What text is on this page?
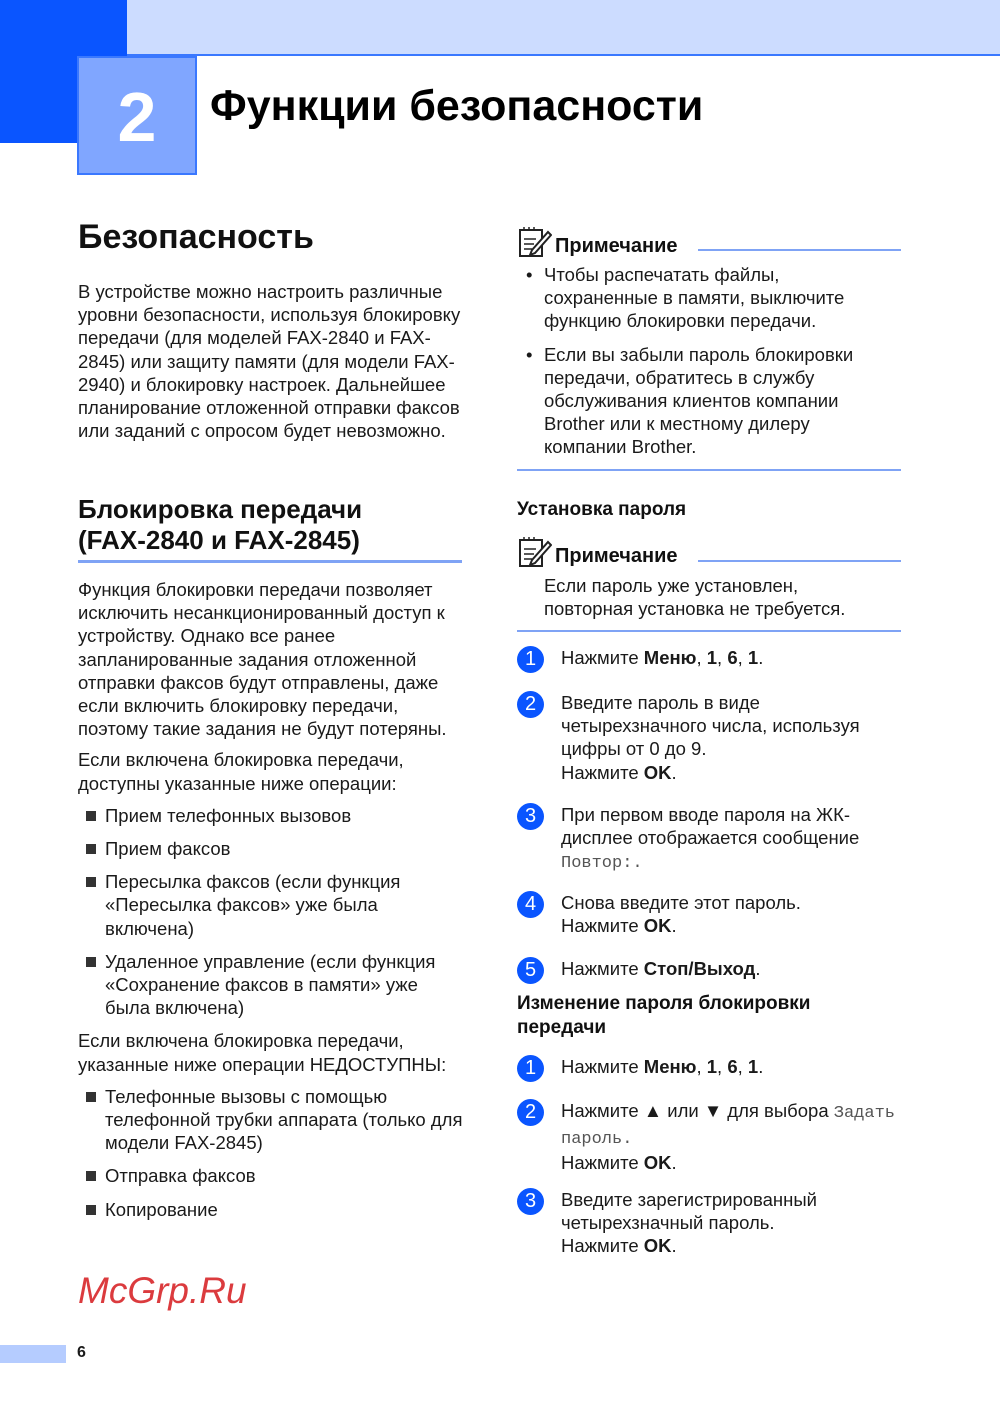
2	Функции безопасности
Безопасность
В устройстве можно настроить различные уровни безопасности, используя блокировку передачи (для моделей FAX-2840 и FAX-2845) или защиту памяти (для модели FAX-2940) и блокировку настроек. Дальнейшее планирование отложенной отправки факсов или заданий с опросом будет невозможно.
Блокировка передачи (FAX-2840 и FAX-2845)
Функция блокировки передачи позволяет исключить несанкционированный доступ к устройству. Однако все ранее запланированные задания отложенной отправки факсов будут отправлены, даже если включить блокировку передачи, поэтому такие задания не будут потеряны.
Если включена блокировка передачи, доступны указанные ниже операции:
Прием телефонных вызовов
Прием факсов
Пересылка факсов (если функция «Пересылка факсов» уже была включена)
Удаленное управление (если функция «Сохранение факсов в памяти» уже была включена)
Если включена блокировка передачи, указанные ниже операции НЕДОСТУПНЫ:
Телефонные вызовы с помощью телефонной трубки аппарата (только для модели FAX-2845)
Отправка факсов
Копирование
Примечание
• Чтобы распечатать файлы, сохраненные в памяти, выключите функцию блокировки передачи.
• Если вы забыли пароль блокировки передачи, обратитесь в службу обслуживания клиентов компании Brother или к местному дилеру компании Brother.
Установка пароля
Примечание
Если пароль уже установлен, повторная установка не требуется.
1	Нажмите Меню, 1, 6, 1.
2	Введите пароль в виде четырехзначного числа, используя цифры от 0 до 9.
Нажмите OK.
3	При первом вводе пароля на ЖК-дисплее отображается сообщение Повтор:.
4	Снова введите этот пароль.
Нажмите OK.
5	Нажмите Стоп/Выход.
Изменение пароля блокировки передачи
1	Нажмите Меню, 1, 6, 1.
2	Нажмите ▲ или ▼ для выбора Задать пароль.
Нажмите OK.
3	Введите зарегистрированный четырехзначный пароль.
Нажмите OK.
McGrp.Ru
6
